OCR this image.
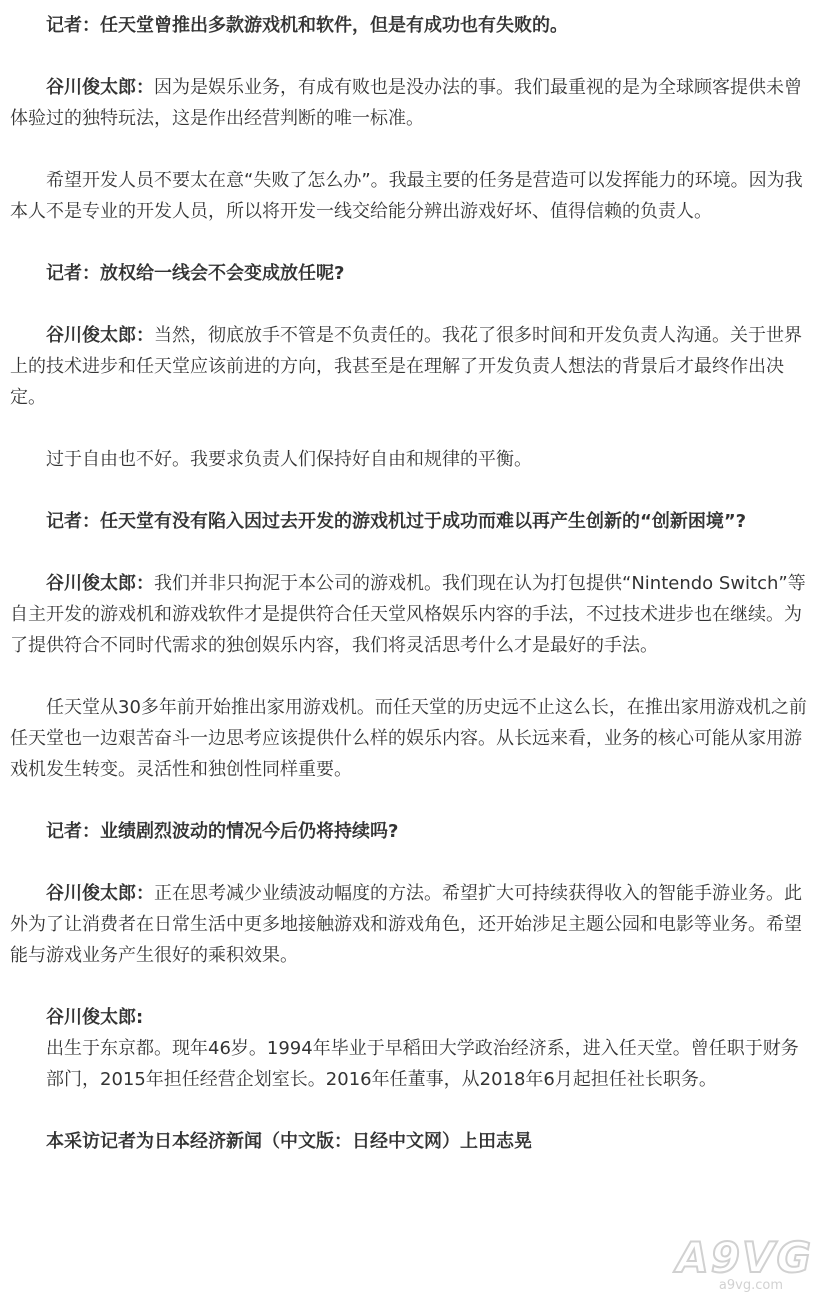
记者：任天堂曾推出多款游戏机和软件，但是有成功也有失败的。

谷川俊太郎：因为是娱乐业务，有成有败也是没办法的事。我们最重视的是为全球顾客提供未曾体验过的独特玩法，这是作出经营判断的唯一标准。

希望开发人员不要太在意“失败了怎么办”。我最主要的任务是营造可以发挥能力的环境。因为我本人不是专业的开发人员，所以将开发一线交给能分辨出游戏好坏、值得信赖的负责人。

记者：放权给一线会不会变成放任呢?

谷川俊太郎：当然，彻底放手不管是不负责任的。我花了很多时间和开发负责人沟通。关于世界上的技术进步和任天堂应该前进的方向，我甚至是在理解了开发负责人想法的背景后才最终作出决定。

过于自由也不好。我要求负责人们保持好自由和规律的平衡。

记者：任天堂有没有陷入因过去开发的游戏机过于成功而难以再产生创新的“创新困境”?

谷川俊太郎：我们并非只拘泥于本公司的游戏机。我们现在认为打包提供“Nintendo Switch”等自主开发的游戏机和游戏软件才是提供符合任天堂风格娱乐内容的手法，不过技术进步也在继续。为了提供符合不同时代需求的独创娱乐内容，我们将灵活思考什么才是最好的手法。

任天堂从30多年前开始推出家用游戏机。而任天堂的历史远不止这么长，在推出家用游戏机之前任天堂也一边艰苦奋斗一边思考应该提供什么样的娱乐内容。从长远来看，业务的核心可能从家用游戏机发生转变。灵活性和独创性同样重要。

记者：业绩剧烈波动的情况今后仍将持续吗?

谷川俊太郎：正在思考减少业绩波动幅度的方法。希望扩大可持续获得收入的智能手游业务。此外为了让消费者在日常生活中更多地接触游戏和游戏角色，还开始涉足主题公园和电影等业务。希望能与游戏业务产生很好的乘积效果。

谷川俊太郎:

出生于东京都。现年46岁。1994年毕业于早稻田大学政治经济系，进入任天堂。曾任职于财务部门，2015年担任经营企划室长。2016年任董事，从2018年6月起担任社长职务。

本采访记者为日本经济新闻（中文版：日经中文网）上田志晃

A9VG
a9vg.com
